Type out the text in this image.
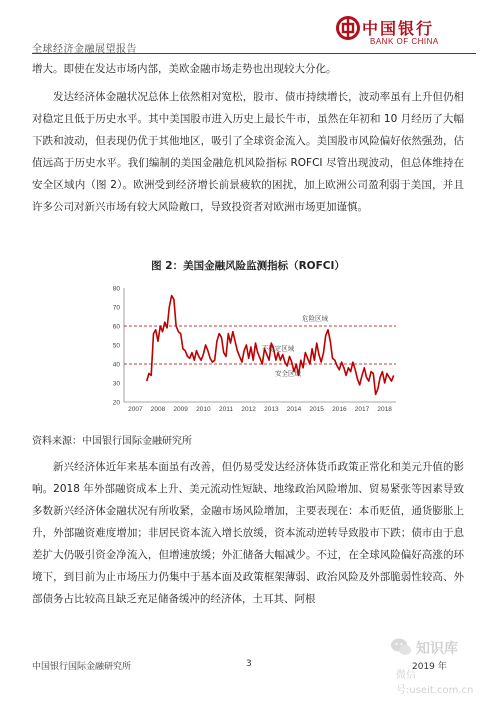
全球经济金融展望报告
中国银行
BANK OF CHINA

增大。即使在发达市场内部，美欧金融市场走势也出现较大分化。

发达经济体金融状况总体上依然相对宽松，股市、债市持续增长，波动率虽有上升但仍相对稳定且低于历史水平。其中美国股市进入历史上最长牛市，虽然在年初和 10 月经历了大幅下跌和波动，但表现仍优于其他地区，吸引了全球资金流入。美国股市风险偏好依然强劲，估值远高于历史水平。我们编制的美国金融危机风险指标 ROFCI 尽管出现波动，但总体维持在安全区域内（图 2）。欧洲受到经济增长前景疲软的困扰，加上欧洲公司盈利弱于美国，并且许多公司对新兴市场有较大风险敞口，导致投资者对欧洲市场更加谨慎。

图 2：美国金融风险监测指标（ROFCI）
20
30
40
50
60
70
80
2007 2008 2009 2010 2011 2012 2013 2014 2015 2016 2017 2018
危险区域
不稳定区域
安全区域
资料来源：中国银行国际金融研究所

新兴经济体近年来基本面虽有改善，但仍易受发达经济体货币政策正常化和美元升值的影响。2018 年外部融资成本上升、美元流动性短缺、地缘政治风险增加、贸易紧张等因素导致多数新兴经济体金融状况有所收紧，金融市场风险增加，主要表现在：本币贬值，通货膨胀上升，外部融资难度增加；非居民资本流入增长放缓，资本流动逆转导致股市下跌；债市由于息差扩大仍吸引资金净流入，但增速放缓；外汇储备大幅减少。不过，在全球风险偏好高涨的环境下，到目前为止市场压力仍集中于基本面及政策框架薄弱、政治风险及外部脆弱性较高、外部债务占比较高且缺乏充足储备缓冲的经济体，土耳其、阿根

中国银行国际金融研究所	3	2019 年
知识库
微信号:useit.com.cn
